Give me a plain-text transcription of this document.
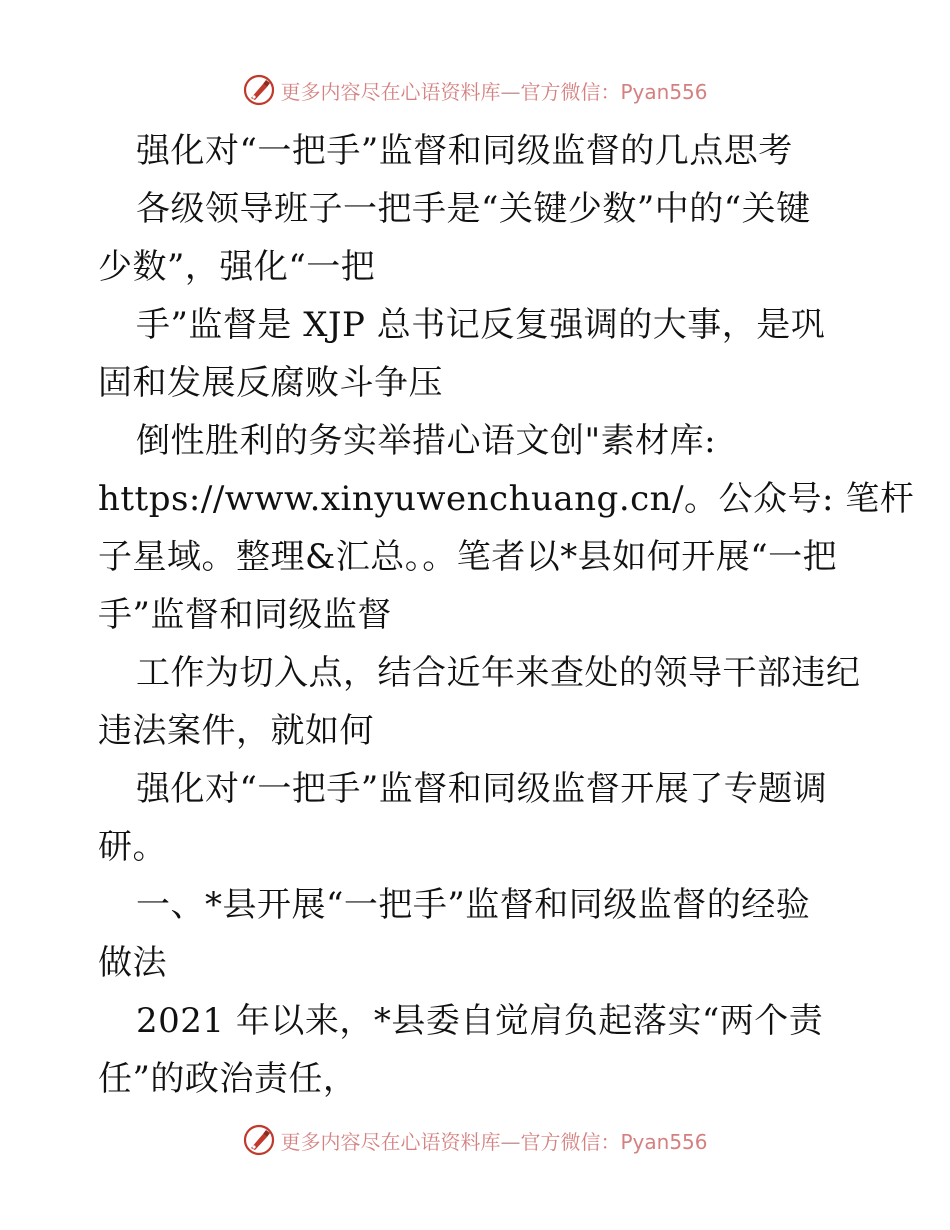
更多内容尽在心语资料库—官方微信：Pyan556
强化对“一把手”监督和同级监督的几点思考
各级领导班子一把手是“关键少数”中的“关键
少数”，强化“一把
手”监督是 XJP 总书记反复强调的大事，是巩
固和发展反腐败斗争压
倒性胜利的务实举措心语文创"素材库:
https://www.xinyuwenchuang.cn/。公众号: 笔杆
子星域。整理&汇总。。笔者以*县如何开展“一把
手”监督和同级监督
工作为切入点，结合近年来查处的领导干部违纪
违法案件，就如何
强化对“一把手”监督和同级监督开展了专题调
研。
一、*县开展“一把手”监督和同级监督的经验
做法
2021 年以来，*县委自觉肩负起落实“两个责
任”的政治责任，
更多内容尽在心语资料库—官方微信：Pyan556
